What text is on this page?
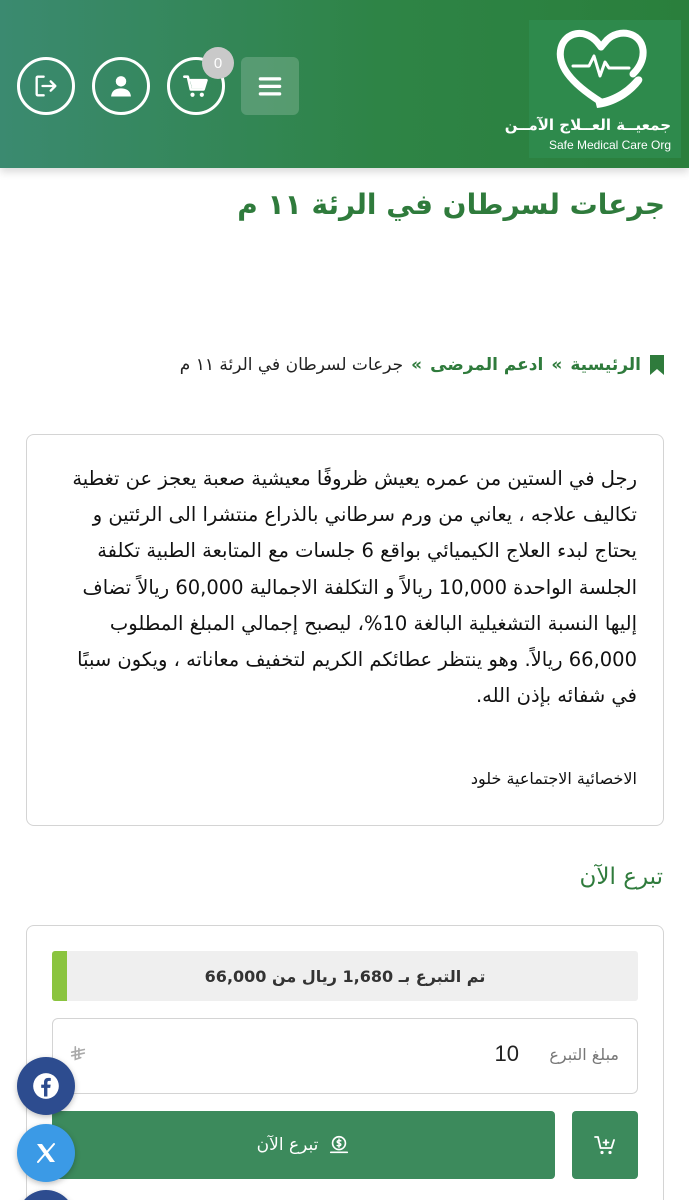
0
جمعيــة العــلاج الآمــن
Safe Medical Care Org
جرعات لسرطان في الرئة ١١ م
الرئيسية
»
ادعم المرضى
»
جرعات لسرطان في الرئة ١١ م

رجل في الستين من عمره يعيش ظروفًا معيشية صعبة يعجز عن تغطية تكاليف علاجه ، يعاني من ورم سرطاني بالذراع منتشرا الى الرئتين و يحتاج لبدء العلاج الكيميائي بواقع 6 جلسات مع المتابعة الطبية تكلفة الجلسة الواحدة 10,000 ريالاً و التكلفة الاجمالية 60,000 ريالاً تضاف إليها النسبة التشغيلية البالغة 10%، ليصبح إجمالي المبلغ المطلوب 66,000 ريالاً. وهو ينتظر عطائكم الكريم لتخفيف معاناته ، ويكون سببًا في شفائه بإذن الله.

الاخصائية الاجتماعية خلود

تبرع الآن
تم التبرع بـ 1,680 ريال من 66,000
مبلغ التبرع
10
تبرع الآن
